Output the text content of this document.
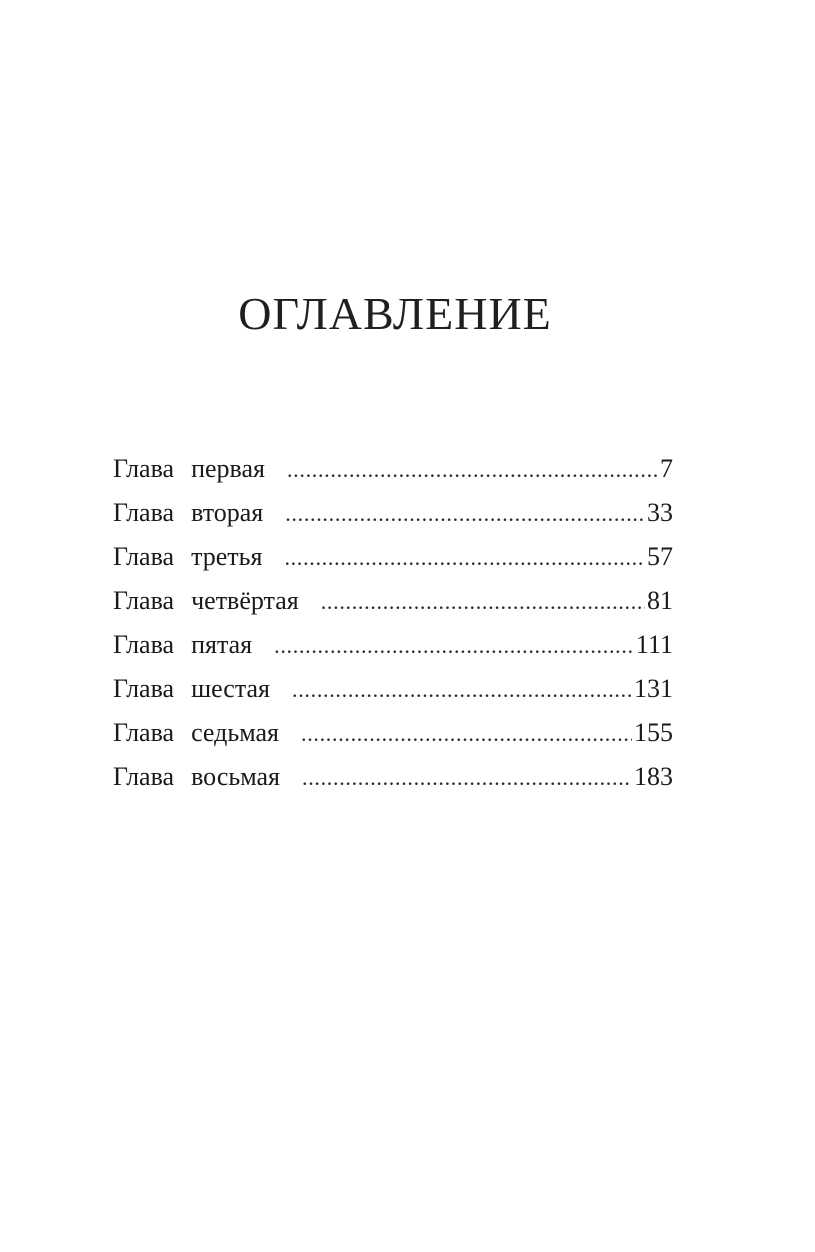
ОГЛАВЛЕНИЕ
Глава первая . . .	7
Глава вторая . . .	33
Глава третья . . .	57
Глава четвёртая . . .	81
Глава пятая . . .	111
Глава шестая . . .	131
Глава седьмая . . .	155
Глава восьмая . . .	183
